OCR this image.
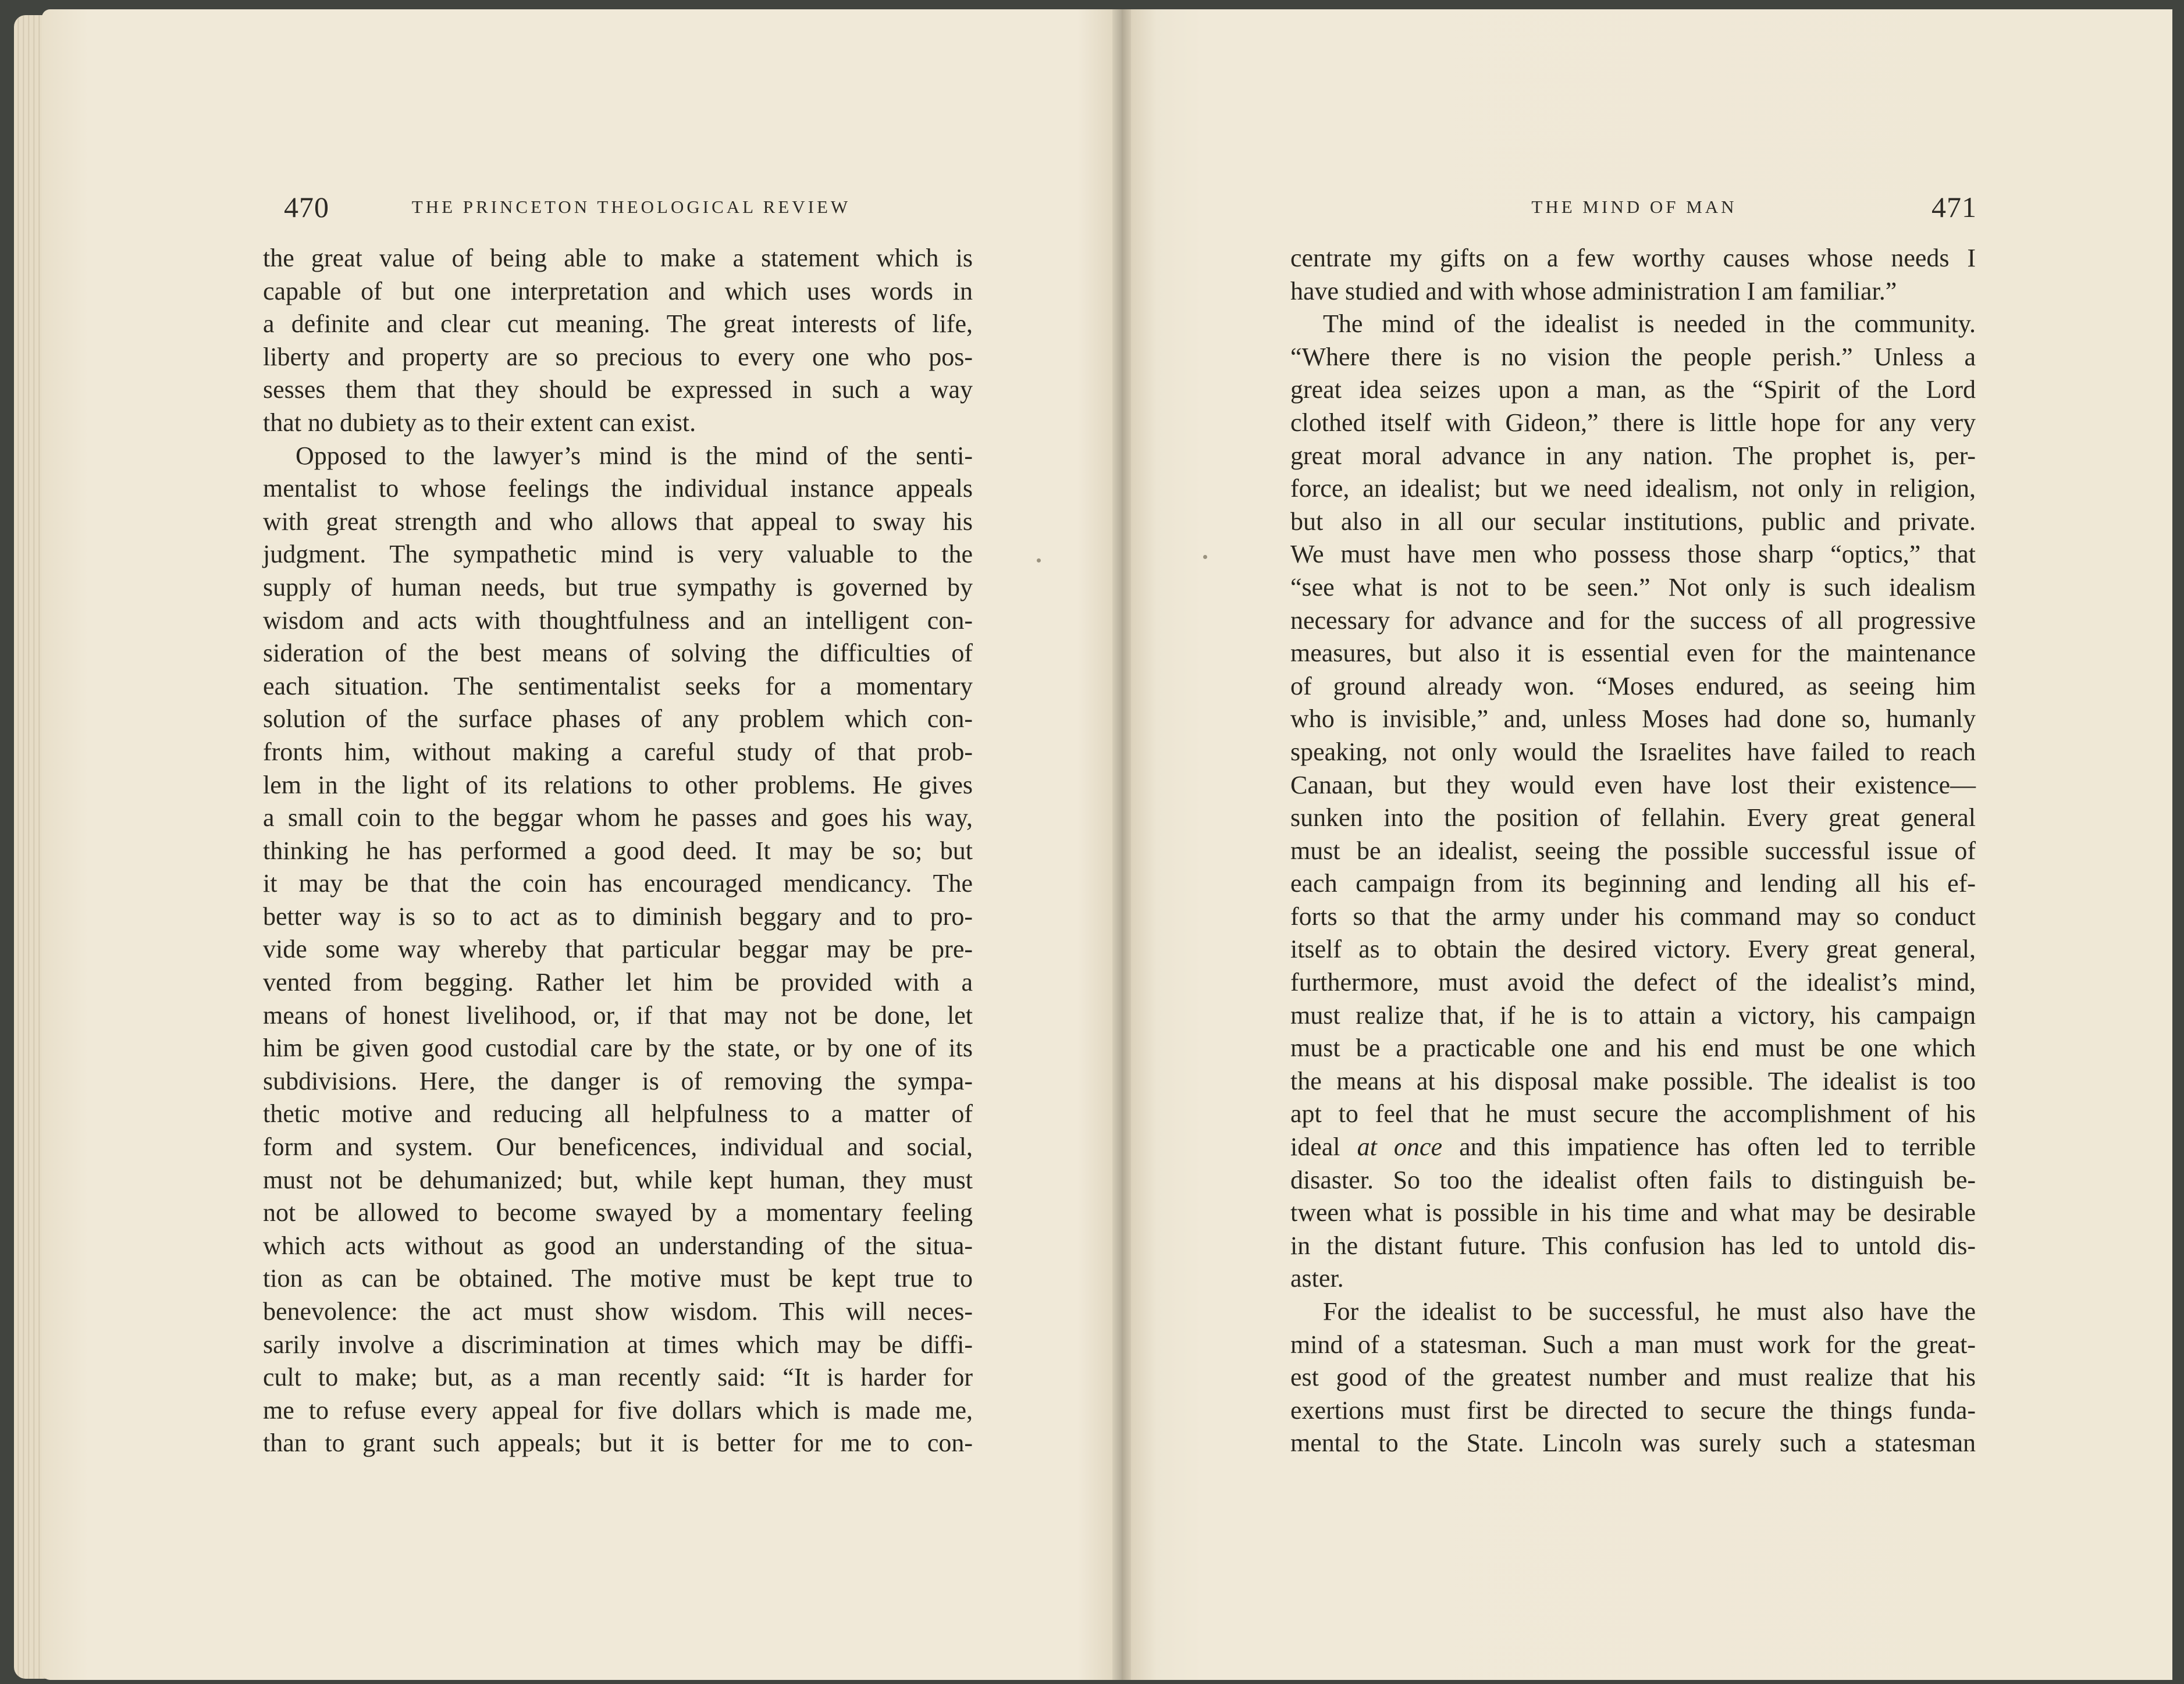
470	THE PRINCETON THEOLOGICAL REVIEW
the great value of being able to make a statement which is
capable of but one interpretation and which uses words in
a definite and clear cut meaning. The great interests of life,
liberty and property are so precious to every one who pos-
sesses them that they should be expressed in such a way
that no dubiety as to their extent can exist.
Opposed to the lawyer’s mind is the mind of the senti-
mentalist to whose feelings the individual instance appeals
with great strength and who allows that appeal to sway his
judgment. The sympathetic mind is very valuable to the
supply of human needs, but true sympathy is governed by
wisdom and acts with thoughtfulness and an intelligent con-
sideration of the best means of solving the difficulties of
each situation. The sentimentalist seeks for a momentary
solution of the surface phases of any problem which con-
fronts him, without making a careful study of that prob-
lem in the light of its relations to other problems. He gives
a small coin to the beggar whom he passes and goes his way,
thinking he has performed a good deed. It may be so; but
it may be that the coin has encouraged mendicancy. The
better way is so to act as to diminish beggary and to pro-
vide some way whereby that particular beggar may be pre-
vented from begging. Rather let him be provided with a
means of honest livelihood, or, if that may not be done, let
him be given good custodial care by the state, or by one of its
subdivisions. Here, the danger is of removing the sympa-
thetic motive and reducing all helpfulness to a matter of
form and system. Our beneficences, individual and social,
must not be dehumanized; but, while kept human, they must
not be allowed to become swayed by a momentary feeling
which acts without as good an understanding of the situa-
tion as can be obtained. The motive must be kept true to
benevolence: the act must show wisdom. This will neces-
sarily involve a discrimination at times which may be diffi-
cult to make; but, as a man recently said: “It is harder for
me to refuse every appeal for five dollars which is made me,
than to grant such appeals; but it is better for me to con-
THE MIND OF MAN	471
centrate my gifts on a few worthy causes whose needs I
have studied and with whose administration I am familiar.”
The mind of the idealist is needed in the community.
“Where there is no vision the people perish.” Unless a
great idea seizes upon a man, as the “Spirit of the Lord
clothed itself with Gideon,” there is little hope for any very
great moral advance in any nation. The prophet is, per-
force, an idealist; but we need idealism, not only in religion,
but also in all our secular institutions, public and private.
We must have men who possess those sharp “optics,” that
“see what is not to be seen.” Not only is such idealism
necessary for advance and for the success of all progressive
measures, but also it is essential even for the maintenance
of ground already won. “Moses endured, as seeing him
who is invisible,” and, unless Moses had done so, humanly
speaking, not only would the Israelites have failed to reach
Canaan, but they would even have lost their existence—
sunken into the position of fellahin. Every great general
must be an idealist, seeing the possible successful issue of
each campaign from its beginning and lending all his ef-
forts so that the army under his command may so conduct
itself as to obtain the desired victory. Every great general,
furthermore, must avoid the defect of the idealist’s mind,
must realize that, if he is to attain a victory, his campaign
must be a practicable one and his end must be one which
the means at his disposal make possible. The idealist is too
apt to feel that he must secure the accomplishment of his
ideal at once and this impatience has often led to terrible
disaster. So too the idealist often fails to distinguish be-
tween what is possible in his time and what may be desirable
in the distant future. This confusion has led to untold dis-
aster.
For the idealist to be successful, he must also have the
mind of a statesman. Such a man must work for the great-
est good of the greatest number and must realize that his
exertions must first be directed to secure the things funda-
mental to the State. Lincoln was surely such a statesman
